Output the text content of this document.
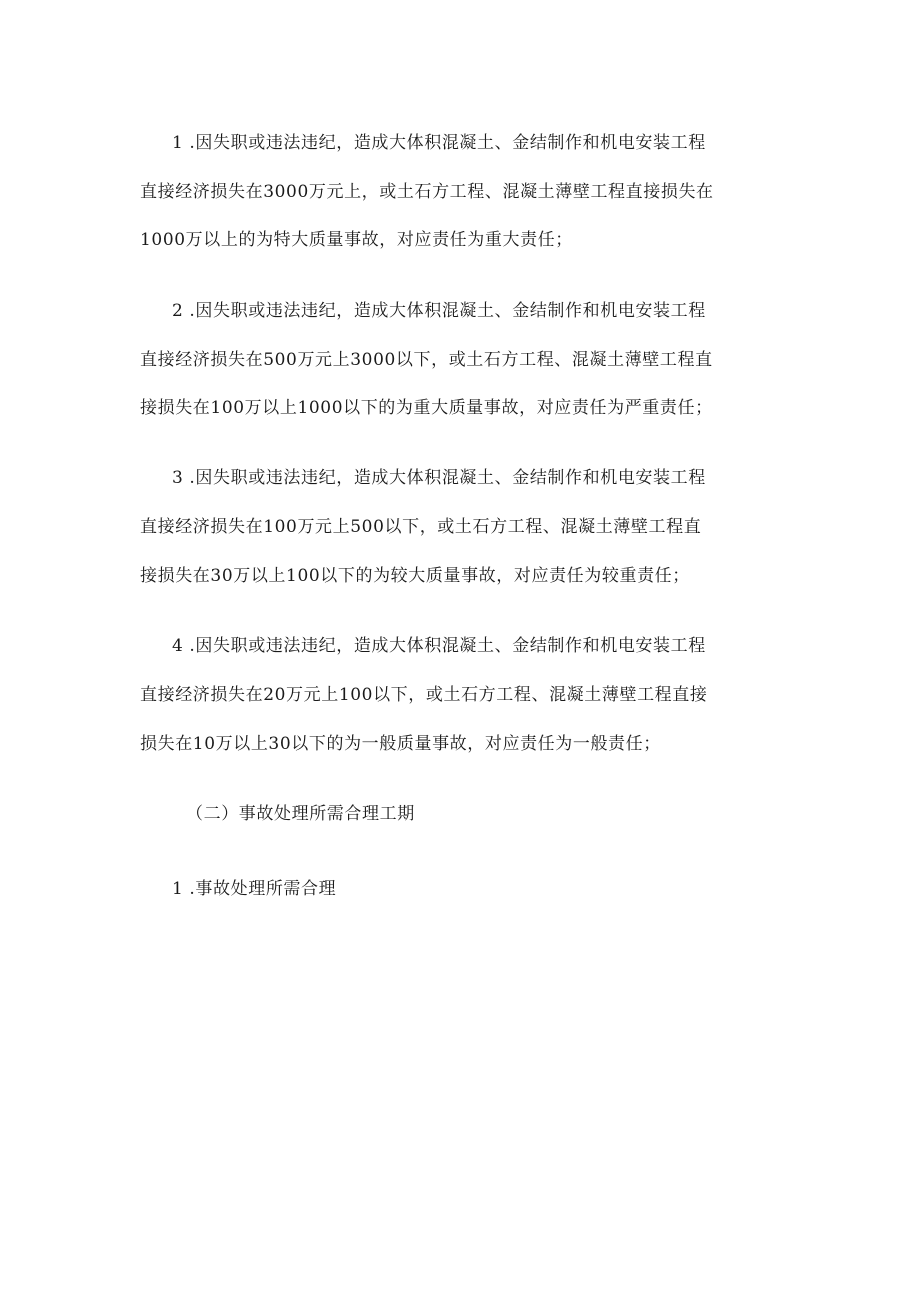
1 .因失职或违法违纪，造成大体积混凝土、金结制作和机电安装工程
直接经济损失在3000万元上，或土石方工程、混凝土薄壁工程直接损失在
1000万以上的为特大质量事故，对应责任为重大责任；
2 .因失职或违法违纪，造成大体积混凝土、金结制作和机电安装工程
直接经济损失在500万元上3000以下，或土石方工程、混凝土薄壁工程直
接损失在100万以上1000以下的为重大质量事故，对应责任为严重责任；
3 .因失职或违法违纪，造成大体积混凝土、金结制作和机电安装工程
直接经济损失在100万元上500以下，或土石方工程、混凝土薄壁工程直
接损失在30万以上100以下的为较大质量事故，对应责任为较重责任；
4 .因失职或违法违纪，造成大体积混凝土、金结制作和机电安装工程
直接经济损失在20万元上100以下，或土石方工程、混凝土薄壁工程直接
损失在10万以上30以下的为一般质量事故，对应责任为一般责任；
（二）事故处理所需合理工期
1 .事故处理所需合理
